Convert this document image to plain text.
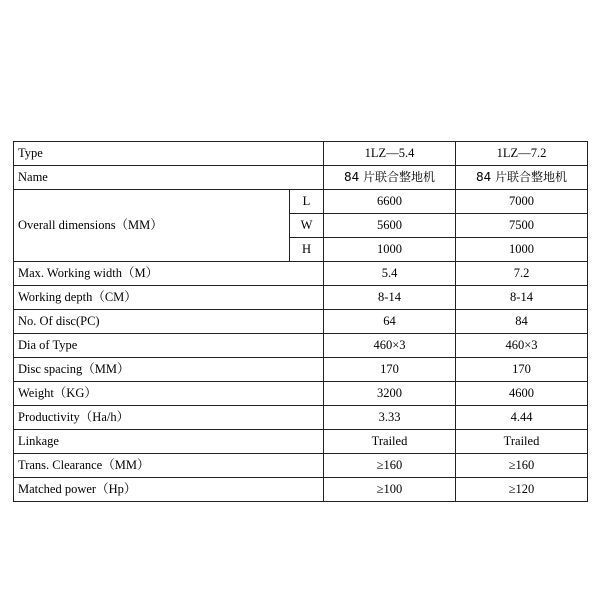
Type		1LZ—5.4	1LZ—7.2
Name		84 片联合整地机	84 片联合整地机
Overall dimensions（MM）	L	6600	7000
	W	5600	7500
	H	1000	1000
Max. Working width（M）		5.4	7.2
Working depth（CM）		8-14	8-14
No. Of disc(PC)		64	84
Dia of Type		460×3	460×3
Disc spacing（MM）		170	170
Weight（KG）		3200	4600
Productivity（Ha/h）		3.33	4.44
Linkage		Trailed	Trailed
Trans. Clearance（MM）		≥160	≥160
Matched power（Hp）		≥100	≥120
